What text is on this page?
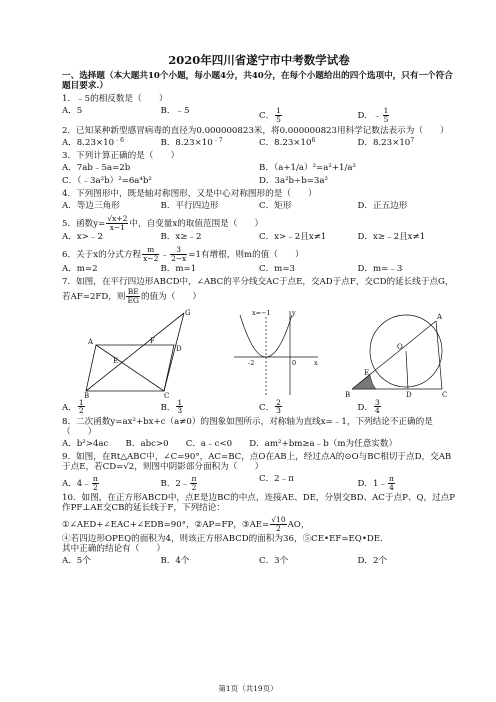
2020年四川省遂宁市中考数学试卷
一、选择题（本大题共10个小题，每小题4分，共40分，在每个小题给出的四个选项中，只有一个符合题目要求.）
1．﹣5的相反数是（　　）
A．5	B．﹣5	C． $\frac{1}{5}$	D．﹣ $\frac{1}{5}$
2．已知某种新型感冒病毒的直径为0.000000823米，将0.000000823用科学记数法表示为（　　）
A．$8.23\times 10^{﹣6}$	B．$8.23\times 10^{﹣7}$	C．$8.23\times 10^6$	D．$8.23\times 10^7$
3．下列计算正确的是（　　）
A．7ab﹣5a=2b	B．（a+1/a）²=a²+1/a²
C．（﹣3a²b）²=6a⁴b²	D．3a²b÷b=3a²
4．下列图形中，既是轴对称图形，又是中心对称图形的是（　　）
A．等边三角形	B．平行四边形	C．矩形	D．正五边形
5．函数$y= \frac{√x+2}{x-1}$ 中，自变量x的取值范围是（　　）
A．x>﹣2	B．x≥﹣2	C．x>﹣2且x≠1	D．x≥﹣2且x≠1
6．关于x的分式方程 $\frac{m}{x-2}$ ﹣ $\frac{3}{2-x} =1$有增根，则m的值（　　）
A．m=2	B．m=1	C．m=3	D．m=﹣3
7．如图，在平行四边形ABCD中，∠ABC的平分线交AC于点E，交AD于点F，交CD的延长线于点G，若AF=2FD，则 $\frac{BE}{EG}$ 的值为（　　）
A
B	C
D
E
F
G	x=−1	y
x
-2	0
A
B	C
D
E
O
A． $\frac{1}{2}$	B． $\frac{1}{3}$	C． $\frac{2}{3}$	D． $\frac{3}{4}$
8．二次函数y=ax²+bx+c（a≠0）的图象如图所示，对称轴为直线x=﹣1，下列结论不正确的是（　　）
A．b²>4ac　　B．abc>0　　C．a﹣c<0　　D．am²+bm≥a﹣b（m为任意实数）
9．如图，在Rt△ABC中，∠C=90°，AC=BC，点O在AB上，经过点A的⊙O与BC相切于点D，交AB于点E，若CD=√2，则图中阴影部分面积为（　　）
A．4﹣ $\frac{\pi}{2}$	B．2﹣ $\frac{\pi}{2}$	C．2﹣π	D．1﹣ $\frac{\pi}{4}$
10．如图，在正方形ABCD中，点E是边BC的中点，连接AE、DE，分别交BD、AC于点P、Q，过点P作PF⊥AE交CB的延长线于F，下列结论：
①∠AED+∠EAC+∠EDB=90°，②AP=FP，③AE= $\frac{√10}{2}$ AO，
④若四边形OPEQ的面积为4，则该正方形ABCD的面积为36，⑤CE•EF=EQ•DE.
其中正确的结论有（　　）
A．5个	B．4个	C．3个	D．2个
第1页（共19页）
